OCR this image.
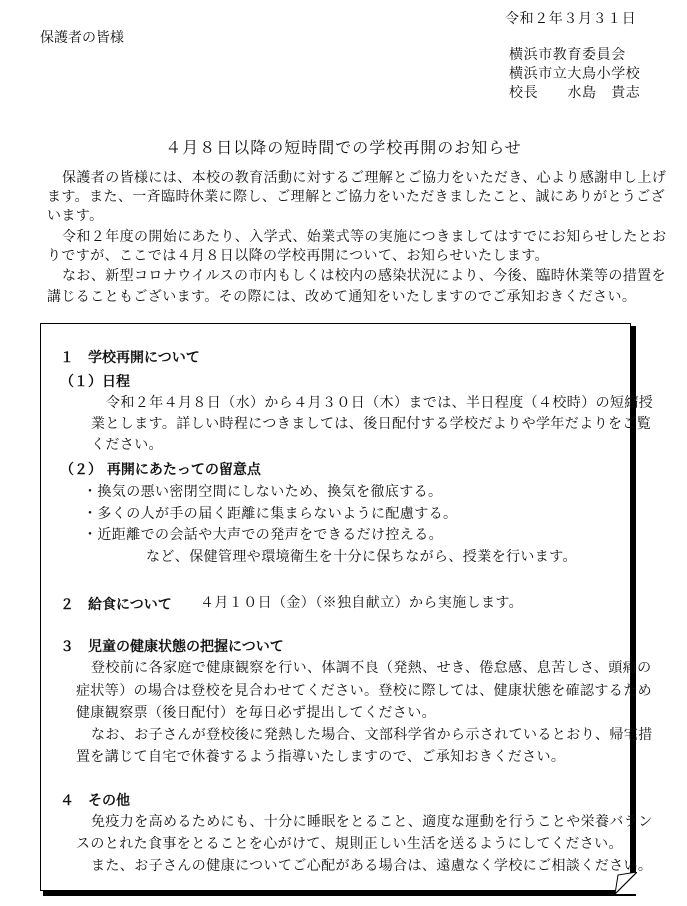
令和２年３月３１日
保護者の皆様
横浜市教育委員会
横浜市立大鳥小学校
校長　　水島　貴志
４月８日以降の短時間での学校再開のお知らせ
保護者の皆様には、本校の教育活動に対するご理解とご協力をいただき、心より感謝申し上げ
ます。また、一斉臨時休業に際し、ご理解とご協力をいただきましたこと、誠にありがとうござ
います。
令和２年度の開始にあたり、入学式、始業式等の実施につきましてはすでにお知らせしたとお
りですが、ここでは４月８日以降の学校再開について、お知らせいたします。
なお、新型コロナウイルスの市内もしくは校内の感染状況により、今後、臨時休業等の措置を
講じることもございます。その際には、改めて通知をいたしますのでご承知おきください。
１　学校再開について
（１）日程
令和２年４月８日（水）から４月３０日（木）までは、半日程度（４校時）の短縮授
業とします。詳しい時程につきましては、後日配付する学校だよりや学年だよりをご覧
ください。
（２） 再開にあたっての留意点
・換気の悪い密閉空間にしないため、換気を徹底する。
・多くの人が手の届く距離に集まらないように配慮する。
・近距離での会話や大声での発声をできるだけ控える。
など、保健管理や環境衛生を十分に保ちながら、授業を行います。
２　給食について ４月１０日（金）（※独自献立）から実施します。
３　児童の健康状態の把握について
登校前に各家庭で健康観察を行い、体調不良（発熱、せき、倦怠感、息苦しさ、頭痛の
症状等）の場合は登校を見合わせてください。登校に際しては、健康状態を確認するため
健康観察票（後日配付）を毎日必ず提出してください。
なお、お子さんが登校後に発熱した場合、文部科学省から示されているとおり、帰宅措
置を講じて自宅で休養するよう指導いたしますので、ご承知おきください。
４　その他
免疫力を高めるためにも、十分に睡眠をとること、適度な運動を行うことや栄養バラン
スのとれた食事をとることを心がけて、規則正しい生活を送るようにしてください。
また、お子さんの健康についてご心配がある場合は、遠慮なく学校にご相談ください。
